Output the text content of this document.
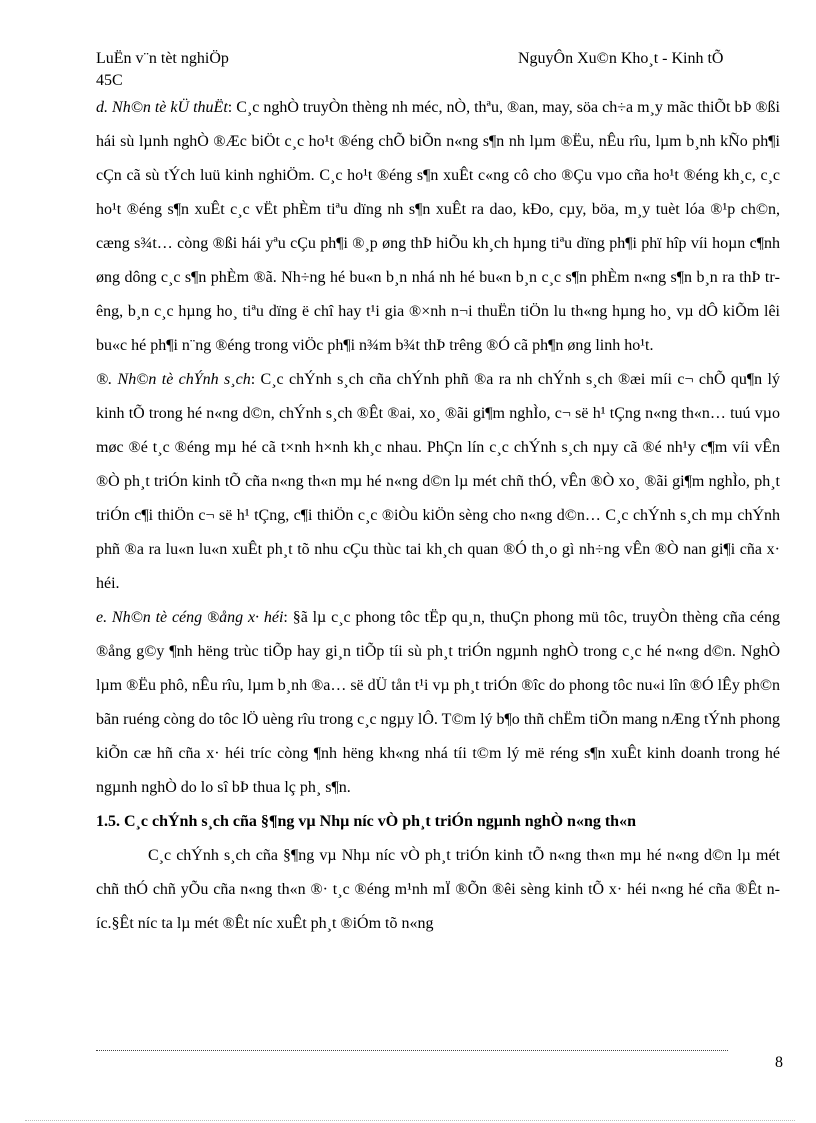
LuËn v¨n tèt nghiÖp
45C
NguyÔn Xu©n Kho¸t - Kinh tÕ

d. Nh©n tè kÜ thuËt: C¸c nghÒ truyÒn thèng nh méc, nÒ, thªu, ®an, may, söa ch÷a m¸y mãc thiÕt bÞ ®ßi hái sù lµnh nghÒ ®Æc biÖt c¸c ho¹t ®éng chÕ biÕn n«ng s¶n nh lµm ®Ëu, nÊu rîu, lµm b¸nh kÑo ph¶i cÇn cã sù tÝch luü kinh nghiÖm. C¸c ho¹t ®éng s¶n xuÊt c«ng cô cho ®Çu vµo cña ho¹t ®éng kh¸c, c¸c ho¹t ®éng s¶n xuÊt c¸c vËt phÈm tiªu dïng nh s¶n xuÊt ra dao, kÐo, cµy, böa, m¸y tuèt lóa ®¹p ch©n, cæng s¾t… còng ®ßi hái yªu cÇu ph¶i ®¸p øng thÞ hiÕu kh¸ch hµng tiªu dïng ph¶i phï hîp víi hoµn c¶nh øng dông c¸c s¶n phÈm ®ã. Nh÷ng hé bu«n b¸n nhá nh hé bu«n b¸n c¸c s¶n phÈm n«ng s¶n b¸n ra thÞ trêng, b¸n c¸c hµng ho¸ tiªu dïng ë chî hay t¹i gia ®×nh n¬i thuËn tiÖn lu th«ng hµng ho¸ vµ dÔ kiÕm lêi bu«c hé ph¶i n¨ng ®éng trong viÖc ph¶i n¾m b¾t thÞ trêng ®Ó cã ph¶n øng linh ho¹t.

®. Nh©n tè chÝnh s¸ch: C¸c chÝnh s¸ch cña chÝnh phñ ®a ra nh chÝnh s¸ch ®æi míi c¬ chÕ qu¶n lý kinh tÕ trong hé n«ng d©n, chÝnh s¸ch ®Êt ®ai, xo¸ ®ãi gi¶m nghÌo, c¬ së h¹ tÇng n«ng th«n… tuú vµo møc ®é t¸c ®éng mµ hé cã t×nh h×nh kh¸c nhau. PhÇn lín c¸c chÝnh s¸ch nµy cã ®é nh¹y c¶m víi vÊn ®Ò ph¸t triÓn kinh tÕ cña n«ng th«n mµ hé n«ng d©n lµ mét chñ thÓ, vÊn ®Ò xo¸ ®ãi gi¶m nghÌo, ph¸t triÓn c¶i thiÖn c¬ së h¹ tÇng, c¶i thiÖn c¸c ®iÒu kiÖn sèng cho n«ng d©n… C¸c chÝnh s¸ch mµ chÝnh phñ ®a ra lu«n lu«n xuÊt ph¸t tõ nhu cÇu thùc tai kh¸ch quan ®Ó th¸o gì nh÷ng vÊn ®Ò nan gi¶i cña x· héi.

e. Nh©n tè céng ®ång x· héi: §ã lµ c¸c phong tôc tËp qu¸n, thuÇn phong mü tôc, truyÒn thèng cña céng ®ång g©y ¶nh hëng trùc tiÕp hay gi¸n tiÕp tíi sù ph¸t triÓn ngµnh nghÒ trong c¸c hé n«ng d©n. NghÒ lµm ®Ëu phô, nÊu rîu, lµm b¸nh ®a… së dÜ tån t¹i vµ ph¸t triÓn ®îc do phong tôc nu«i lîn ®Ó lÊy ph©n bãn ruéng còng do tôc lÖ uèng rîu trong c¸c ngµy lÔ. T©m lý b¶o thñ chËm tiÕn mang nÆng tÝnh phong kiÕn cæ hñ cña x· héi tríc còng ¶nh hëng kh«ng nhá tíi t©m lý më réng s¶n xuÊt kinh doanh trong hé ngµnh nghÒ do lo sî bÞ thua lç ph¸ s¶n.

1.5. C¸c chÝnh s¸ch cña §¶ng vµ Nhµ níc vÒ ph¸t triÓn ngµnh nghÒ n«ng th«n

C¸c chÝnh s¸ch cña §¶ng vµ Nhµ níc vÒ ph¸t triÓn kinh tÕ n«ng th«n mµ hé n«ng d©n lµ mét chñ thÓ chñ yÕu cña n«ng th«n ®· t¸c ®éng m¹nh mÏ ®Õn ®êi sèng kinh tÕ x· héi n«ng hé cña ®Êt níc.§Êt níc ta lµ mét ®Êt níc xuÊt ph¸t ®iÓm tõ n«ng

8
